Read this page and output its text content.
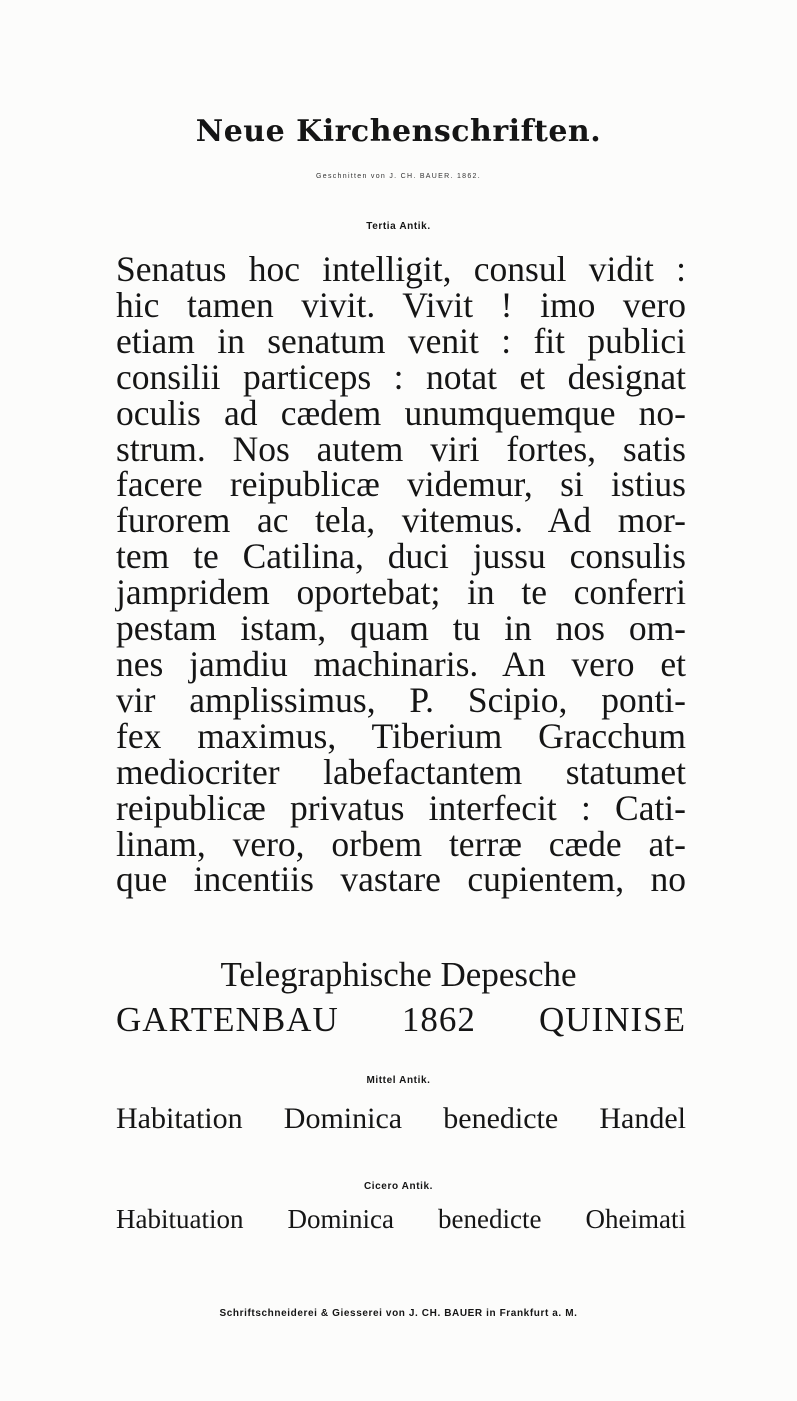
Neue Kirchenschriften.
Geschnitten von J. CH. BAUER. 1862.
Tertia Antik.
Senatus hoc intelligit, consul vidit :
hic tamen vivit. Vivit ! imo vero
etiam in senatum venit : fit publici
consilii particeps : notat et designat
oculis ad cædem unumquemque no-
strum. Nos autem viri fortes, satis
facere reipublicæ videmur, si istius
furorem ac tela, vitemus. Ad mor-
tem te Catilina, duci jussu consulis
jampridem oportebat; in te conferri
pestam istam, quam tu in nos om-
nes jamdiu machinaris. An vero et
vir amplissimus, P. Scipio, ponti-
fex maximus, Tiberium Gracchum
mediocriter labefactantem statumet
reipublicæ privatus interfecit : Cati-
linam, vero, orbem terræ cæde at-
que incentiis vastare cupientem, no
Telegraphische Depesche
GARTENBAU 1862 QUINISE
Mittel Antik.
Habitation Dominica benedicte Handel
Cicero Antik.
Habituation Dominica benedicte Oheimati
Schriftschneiderei & Giesserei von J. CH. BAUER in Frankfurt a. M.
